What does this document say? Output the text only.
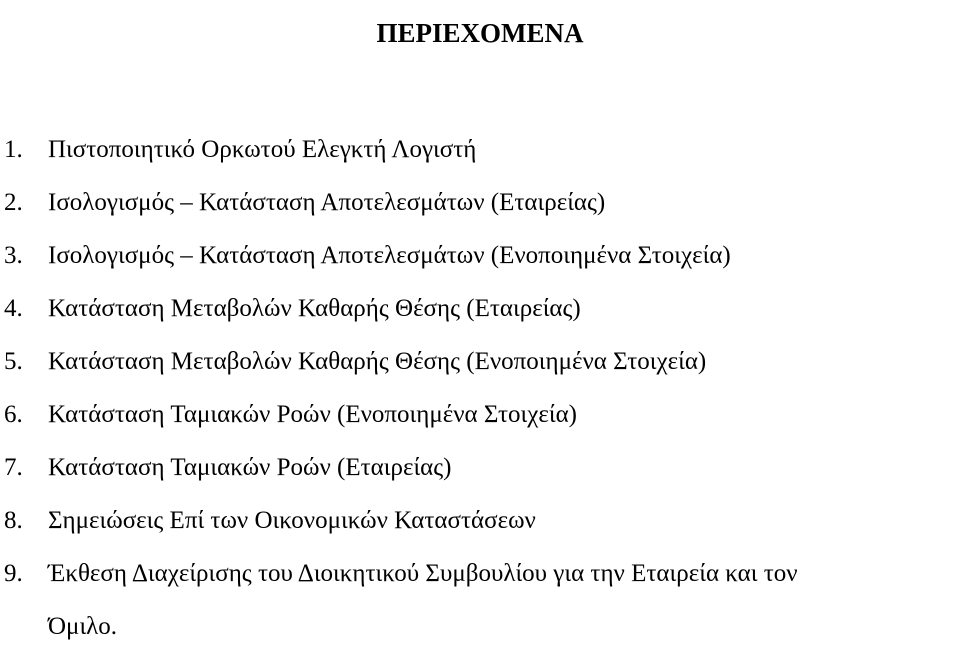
ΠΕΡΙΕΧΟΜΕΝΑ
1.	Πιστοποιητικό Ορκωτού Ελεγκτή Λογιστή
2.	Ισολογισμός – Κατάσταση Αποτελεσμάτων (Εταιρείας)
3.	Ισολογισμός – Κατάσταση Αποτελεσμάτων (Ενοποιημένα Στοιχεία)
4.	Κατάσταση Μεταβολών Καθαρής Θέσης (Εταιρείας)
5.	Κατάσταση Μεταβολών Καθαρής Θέσης (Ενοποιημένα Στοιχεία)
6.	Κατάσταση Ταμιακών Ροών (Ενοποιημένα Στοιχεία)
7.	Κατάσταση Ταμιακών Ροών (Εταιρείας)
8.	Σημειώσεις Επί των Οικονομικών Καταστάσεων
9.	Έκθεση Διαχείρισης του Διοικητικού Συμβουλίου για την Εταιρεία και τον
Όμιλο.
